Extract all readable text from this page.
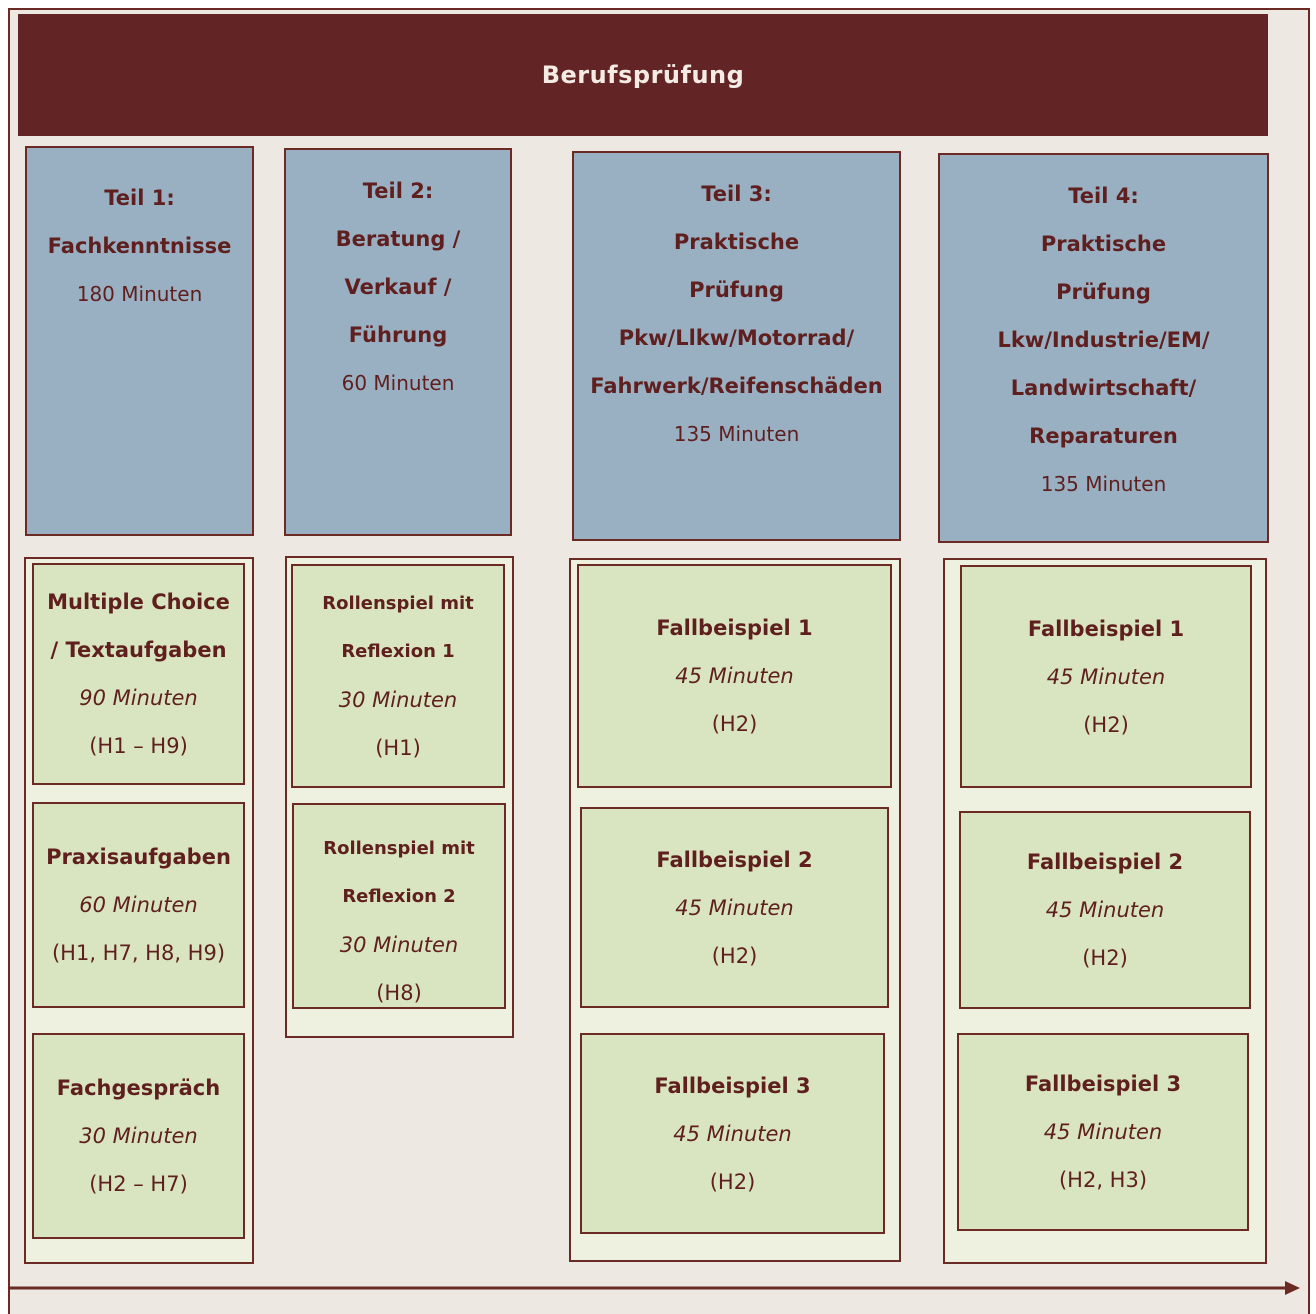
Berufsprüfung
Teil 1:
Fachkenntnisse
180 Minuten
Teil 2:
Beratung /
Verkauf /
Führung
60 Minuten
Teil 3:
Praktische
Prüfung
Pkw/Llkw/Motorrad/
Fahrwerk/Reifenschäden
135 Minuten
Teil 4:
Praktische
Prüfung
Lkw/Industrie/EM/
Landwirtschaft/
Reparaturen
135 Minuten
Multiple Choice
/ Textaufgaben
90 Minuten
(H1 – H9)
Praxisaufgaben
60 Minuten
(H1, H7, H8, H9)
Fachgespräch
30 Minuten
(H2 – H7)
Rollenspiel mit
Reflexion 1
30 Minuten
(H1)
Rollenspiel mit
Reflexion 2
30 Minuten
(H8)
Fallbeispiel 1
45 Minuten
(H2)
Fallbeispiel 2
45 Minuten
(H2)
Fallbeispiel 3
45 Minuten
(H2)
Fallbeispiel 1
45 Minuten
(H2)
Fallbeispiel 2
45 Minuten
(H2)
Fallbeispiel 3
45 Minuten
(H2, H3)
